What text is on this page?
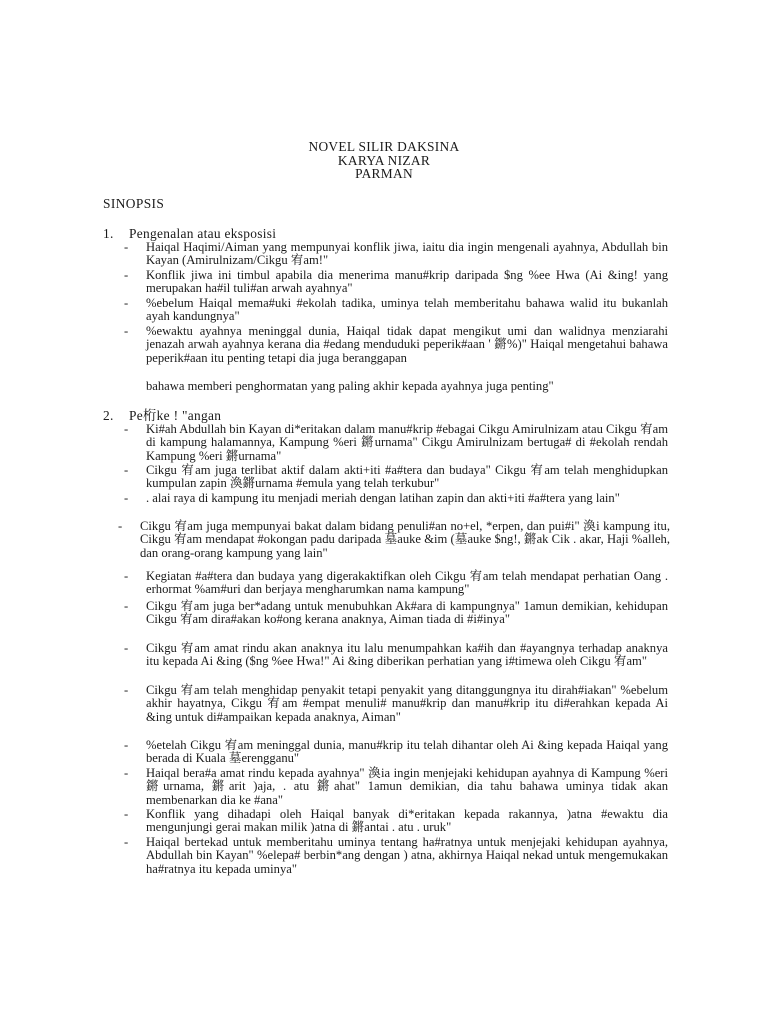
NOVEL SILIR DAKSINA
KARYA NIZAR
PARMAN
SINOPSIS
1. Pengenalan atau eksposisi
- Haiqal Haqimi/Aiman yang mempunyai konflik jiwa, iaitu dia ingin mengenali ayahnya, Abdullah bin Kayan (Amirulnizam/Cikgu 宥am!"
- Konflik jiwa ini timbul apabila dia menerima manu#krip daripada $ng %ee Hwa (Ai &ing! yang merupakan ha#il tuli#an arwah ayahnya"
- %ebelum Haiqal mema#uki #ekolah tadika, uminya telah memberitahu bahawa walid itu bukanlah ayah kandungnya"
- %ewaktu ayahnya meninggal dunia, Haiqal tidak dapat mengikut umi dan walidnya menziarahi jenazah arwah ayahnya kerana dia #edang menduduki peperik#aan ' 鏘%)" Haiqal mengetahui bahawa peperik#aan itu penting tetapi dia juga beranggapan
bahawa memberi penghormatan yang paling akhir kepada ayahnya juga penting"
2. Pe桁ke ! "angan
- Ki#ah Abdullah bin Kayan di*eritakan dalam manu#krip #ebagai Cikgu Amirulnizam atau Cikgu 宥am di kampung halamannya, Kampung %eri 鏘urnama" Cikgu Amirulnizam bertuga# di #ekolah rendah Kampung %eri 鏘urnama"
- Cikgu 宥am juga terlibat aktif dalam akti+iti #a#tera dan budaya" Cikgu 宥am telah menghidupkan kumpulan zapin 渙鏘urnama #emula yang telah terkubur"
- . alai raya di kampung itu menjadi meriah dengan latihan zapin dan akti+iti #a#tera yang lain"
- Cikgu 宥am juga mempunyai bakat dalam bidang penuli#an no+el, *erpen, dan pui#i" 渙i kampung itu, Cikgu 宥am mendapat #okongan padu daripada 墓auke &im (墓auke $ng!, 鏘ak Cik . akar, Haji %alleh, dan orang-orang kampung yang lain"
- Kegiatan #a#tera dan budaya yang digerakaktifkan oleh Cikgu 宥am telah mendapat perhatian Oang . erhormat %am#uri dan berjaya mengharumkan nama kampung"
- Cikgu 宥am juga ber*adang untuk menubuhkan Ak#ara di kampungnya" 1amun demikian, kehidupan Cikgu 宥am dira#akan ko#ong kerana anaknya, Aiman tiada di #i#inya"
- Cikgu 宥am amat rindu akan anaknya itu lalu menumpahkan ka#ih dan #ayangnya terhadap anaknya itu kepada Ai &ing ($ng %ee Hwa!" Ai &ing diberikan perhatian yang i#timewa oleh Cikgu 宥am"
- Cikgu 宥am telah menghidap penyakit tetapi penyakit yang ditanggungnya itu dirah#iakan" %ebelum akhir hayatnya, Cikgu 宥am #empat menuli# manu#krip dan manu#krip itu di#erahkan kepada Ai &ing untuk di#ampaikan kepada anaknya, Aiman"
- %etelah Cikgu 宥am meninggal dunia, manu#krip itu telah dihantar oleh Ai &ing kepada Haiqal yang berada di Kuala 墓erengganu"
- Haiqal bera#a amat rindu kepada ayahnya" 渙ia ingin menjejaki kehidupan ayahnya di Kampung %eri 鏘urnama, 鏘arit )aja, . atu 鏘ahat" 1amun demikian, dia tahu bahawa uminya tidak akan membenarkan dia ke #ana"
- Konflik yang dihadapi oleh Haiqal banyak di*eritakan kepada rakannya, )atna #ewaktu dia mengunjungi gerai makan milik )atna di 鏘antai . atu . uruk"
- Haiqal bertekad untuk memberitahu uminya tentang ha#ratnya untuk menjejaki kehidupan ayahnya, Abdullah bin Kayan" %elepa# berbin*ang dengan ) atna, akhirnya Haiqal nekad untuk mengemukakan ha#ratnya itu kepada uminya"
